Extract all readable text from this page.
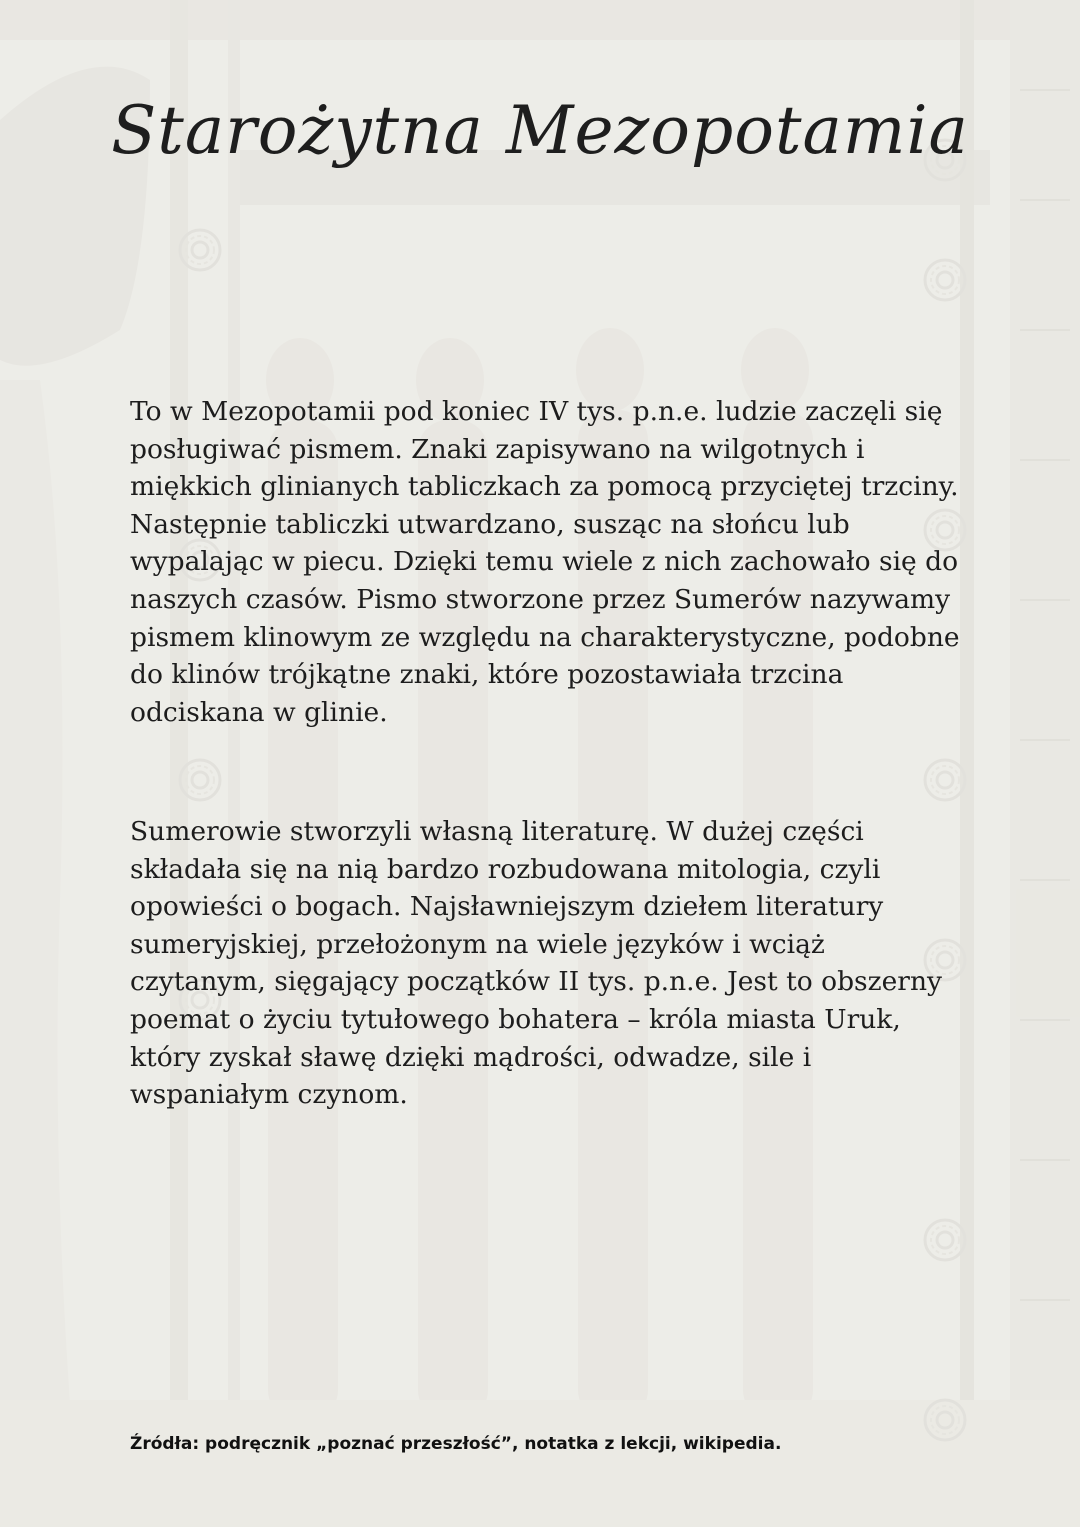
Starożytna Mezopotamia

To w Mezopotamii pod koniec IV tys. p.n.e. ludzie zaczęli się posługiwać pismem. Znaki zapisywano na wilgotnych i miękkich glinianych tabliczkach za pomocą przyciętej trzciny. Następnie tabliczki utwardzano, susząc na słońcu lub wypalając w piecu. Dzięki temu wiele z nich zachowało się do naszych czasów. Pismo stworzone przez Sumerów nazywamy pismem klinowym ze względu na charakterystyczne, podobne do klinów trójkątne znaki, które pozostawiała trzcina odciskana w glinie.

Sumerowie stworzyli własną literaturę. W dużej części składała się na nią bardzo rozbudowana mitologia, czyli opowieści o bogach. Najsławniejszym dziełem literatury sumeryjskiej, przełożonym na wiele języków i wciąż czytanym, sięgający początków II tys. p.n.e. Jest to obszerny poemat o życiu tytułowego bohatera – króla miasta Uruk, który zyskał sławę dzięki mądrości, odwadze, sile i wspaniałym czynom.

Źródła: podręcznik „poznać przeszłość”, notatka z lekcji, wikipedia.
